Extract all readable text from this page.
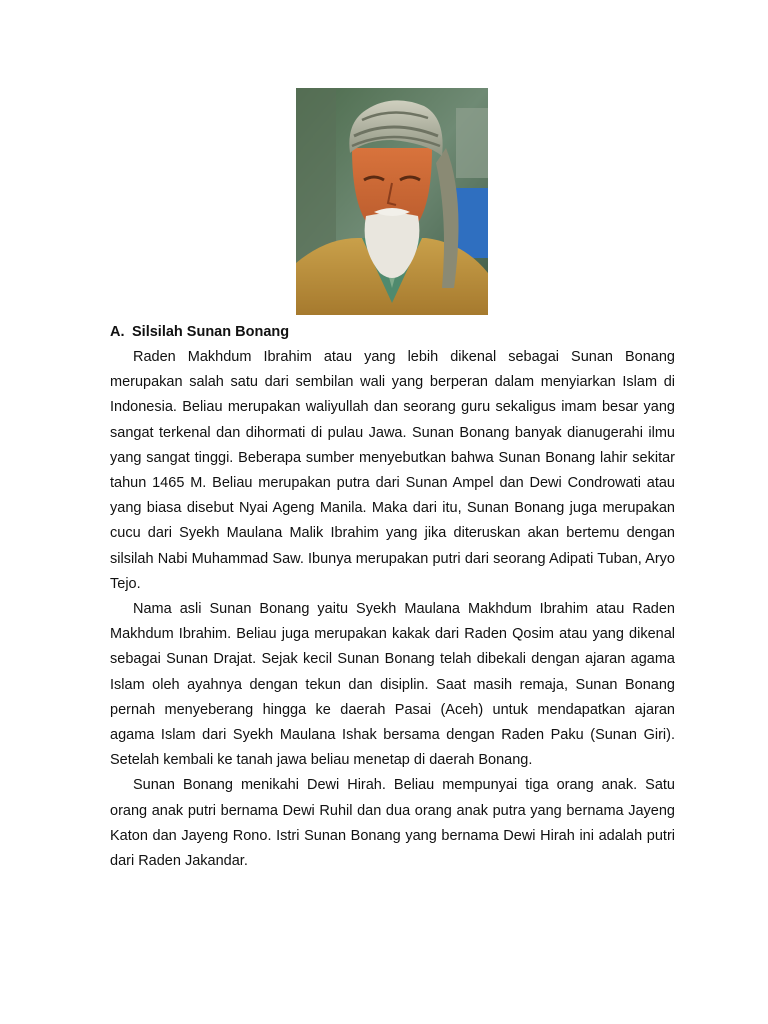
A. Silsilah Sunan Bonang

Raden Makhdum Ibrahim atau yang lebih dikenal sebagai Sunan Bonang merupakan salah satu dari sembilan wali yang berperan dalam menyiarkan Islam di Indonesia. Beliau merupakan waliyullah dan seorang guru sekaligus imam besar yang sangat terkenal dan dihormati di pulau Jawa. Sunan Bonang banyak dianugerahi ilmu yang sangat tinggi. Beberapa sumber menyebutkan bahwa Sunan Bonang lahir sekitar tahun 1465 M. Beliau merupakan putra dari Sunan Ampel dan Dewi Condrowati atau yang biasa disebut Nyai Ageng Manila. Maka dari itu, Sunan Bonang juga merupakan cucu dari Syekh Maulana Malik Ibrahim yang jika diteruskan akan bertemu dengan silsilah Nabi Muhammad Saw. Ibunya merupakan putri dari seorang Adipati Tuban, Aryo Tejo.

Nama asli Sunan Bonang yaitu Syekh Maulana Makhdum Ibrahim atau Raden Makhdum Ibrahim. Beliau juga merupakan kakak dari Raden Qosim atau yang dikenal sebagai Sunan Drajat. Sejak kecil Sunan Bonang telah dibekali dengan ajaran agama Islam oleh ayahnya dengan tekun dan disiplin. Saat masih remaja, Sunan Bonang pernah menyeberang hingga ke daerah Pasai (Aceh) untuk mendapatkan ajaran agama Islam dari Syekh Maulana Ishak bersama dengan Raden Paku (Sunan Giri). Setelah kembali ke tanah jawa beliau menetap di daerah Bonang.

Sunan Bonang menikahi Dewi Hirah. Beliau mempunyai tiga orang anak. Satu orang anak putri bernama Dewi Ruhil dan dua orang anak putra yang bernama Jayeng Katon dan Jayeng Rono. Istri Sunan Bonang yang bernama Dewi Hirah ini adalah putri dari Raden Jakandar.
